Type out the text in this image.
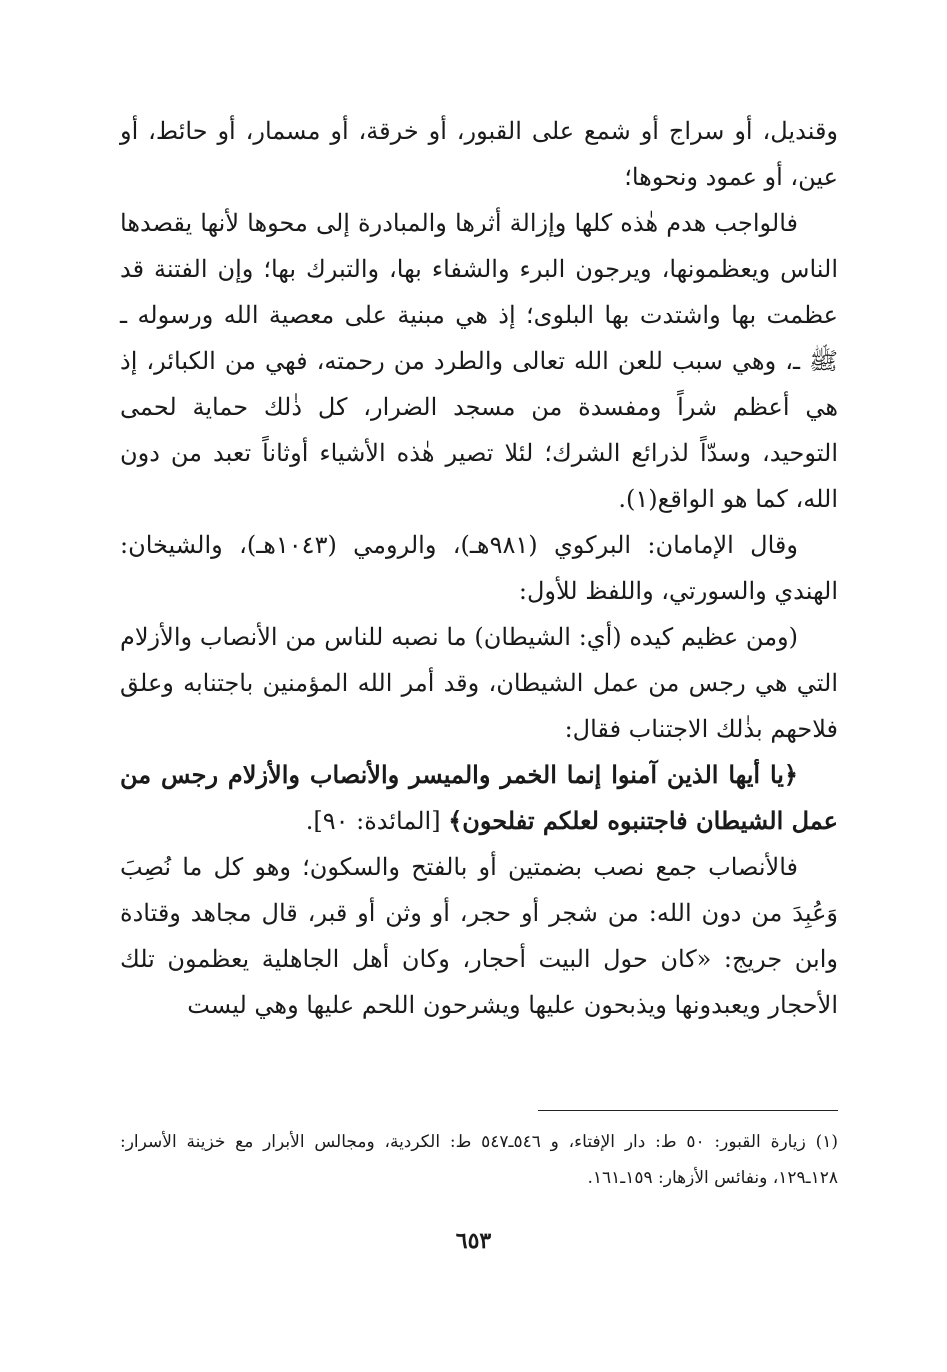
وقنديل، أو سراج أو شمع على القبور، أو خرقة، أو مسمار، أو حائط، أو عين، أو عمود ونحوها؛

فالواجب هدم هٰذه كلها وإزالة أثرها والمبادرة إلى محوها لأنها يقصدها الناس ويعظمونها، ويرجون البرء والشفاء بها، والتبرك بها؛ وإن الفتنة قد عظمت بها واشتدت بها البلوى؛ إذ هي مبنية على معصية الله ورسوله ـ ﷺ ـ، وهي سبب للعن الله تعالى والطرد من رحمته، فهي من الكبائر، إذ هي أعظم شراً ومفسدة من مسجد الضرار، كل ذٰلك حماية لحمى التوحيد، وسدّاً لذرائع الشرك؛ لئلا تصير هٰذه الأشياء أوثاناً تعبد من دون الله، كما هو الواقع(١).

وقال الإمامان: البركوي (٩٨١هـ)، والرومي (١٠٤٣هـ)، والشيخان: الهندي والسورتي، واللفظ للأول:

(ومن عظيم كيده (أي: الشيطان) ما نصبه للناس من الأنصاب والأزلام التي هي رجس من عمل الشيطان، وقد أمر الله المؤمنين باجتنابه وعلق فلاحهم بذٰلك الاجتناب فقال:

﴿يا أيها الذين آمنوا إنما الخمر والميسر والأنصاب والأزلام رجس من عمل الشيطان فاجتنبوه لعلكم تفلحون﴾ [المائدة: ٩٠].

فالأنصاب جمع نصب بضمتين أو بالفتح والسكون؛ وهو كل ما نُصِبَ وَعُبِدَ من دون الله: من شجر أو حجر، أو وثن أو قبر، قال مجاهد وقتادة وابن جريج: «كان حول البيت أحجار، وكان أهل الجاهلية يعظمون تلك الأحجار ويعبدونها ويذبحون عليها ويشرحون اللحم عليها وهي ليست

(١) زيارة القبور: ٥٠ ط: دار الإفتاء، و ٥٤٦ـ٥٤٧ ط: الكردية، ومجالس الأبرار مع خزينة الأسرار: ١٢٨ـ١٢٩، ونفائس الأزهار: ١٥٩ـ١٦١.

٦٥٣
